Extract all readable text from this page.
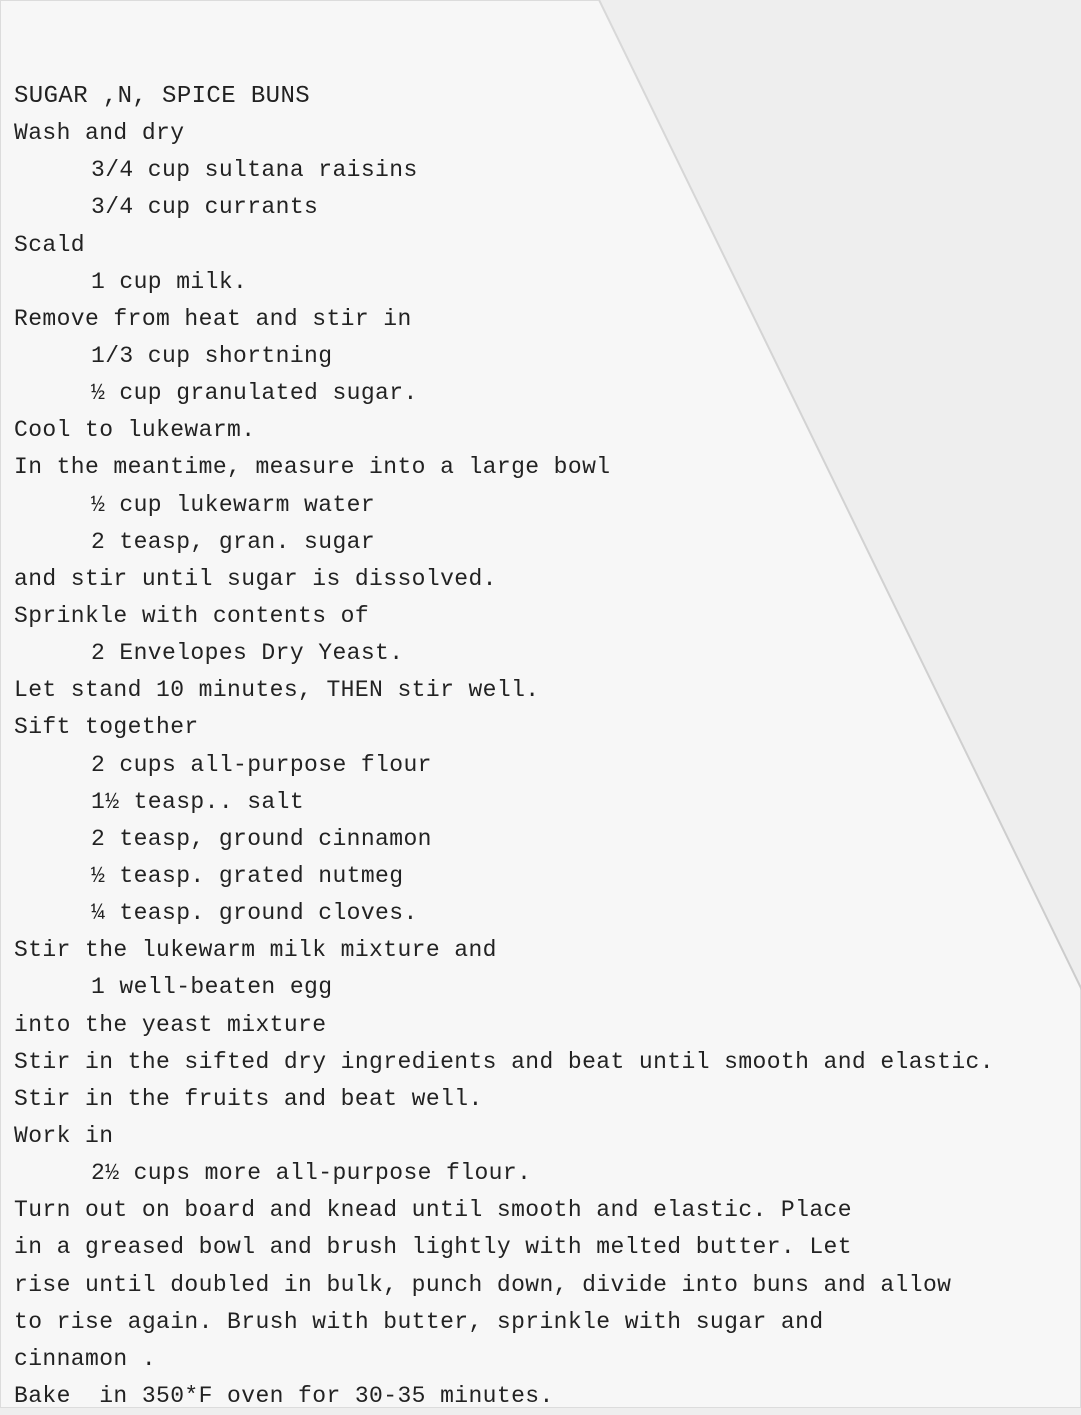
SUGAR ,N, SPICE BUNS
Wash and dry
3/4 cup sultana raisins
3/4 cup currants
Scald
1 cup milk.
Remove from heat and stir in
1/3 cup shortning
½ cup granulated sugar.
Cool to lukewarm.
In the meantime, measure into a large bowl
½ cup lukewarm water
2 teasp, gran. sugar
and stir until sugar is dissolved.
Sprinkle with contents of
2 Envelopes Dry Yeast.
Let stand 10 minutes, THEN stir well.
Sift together
2 cups all-purpose flour
1½ teasp.. salt
2 teasp, ground cinnamon
½ teasp. grated nutmeg
¼ teasp. ground cloves.
Stir the lukewarm milk mixture and
1 well-beaten egg
into the yeast mixture
Stir in the sifted dry ingredients and beat until smooth and elastic.
Stir in the fruits and beat well.
Work in
2½ cups more all-purpose flour.
Turn out on board and knead until smooth and elastic. Place
in a greased bowl and brush lightly with melted butter. Let
rise until doubled in bulk, punch down, divide into buns and allow
to rise again. Brush with butter, sprinkle with sugar and
cinnamon .
Bake  in 350*F oven for 30-35 minutes.
